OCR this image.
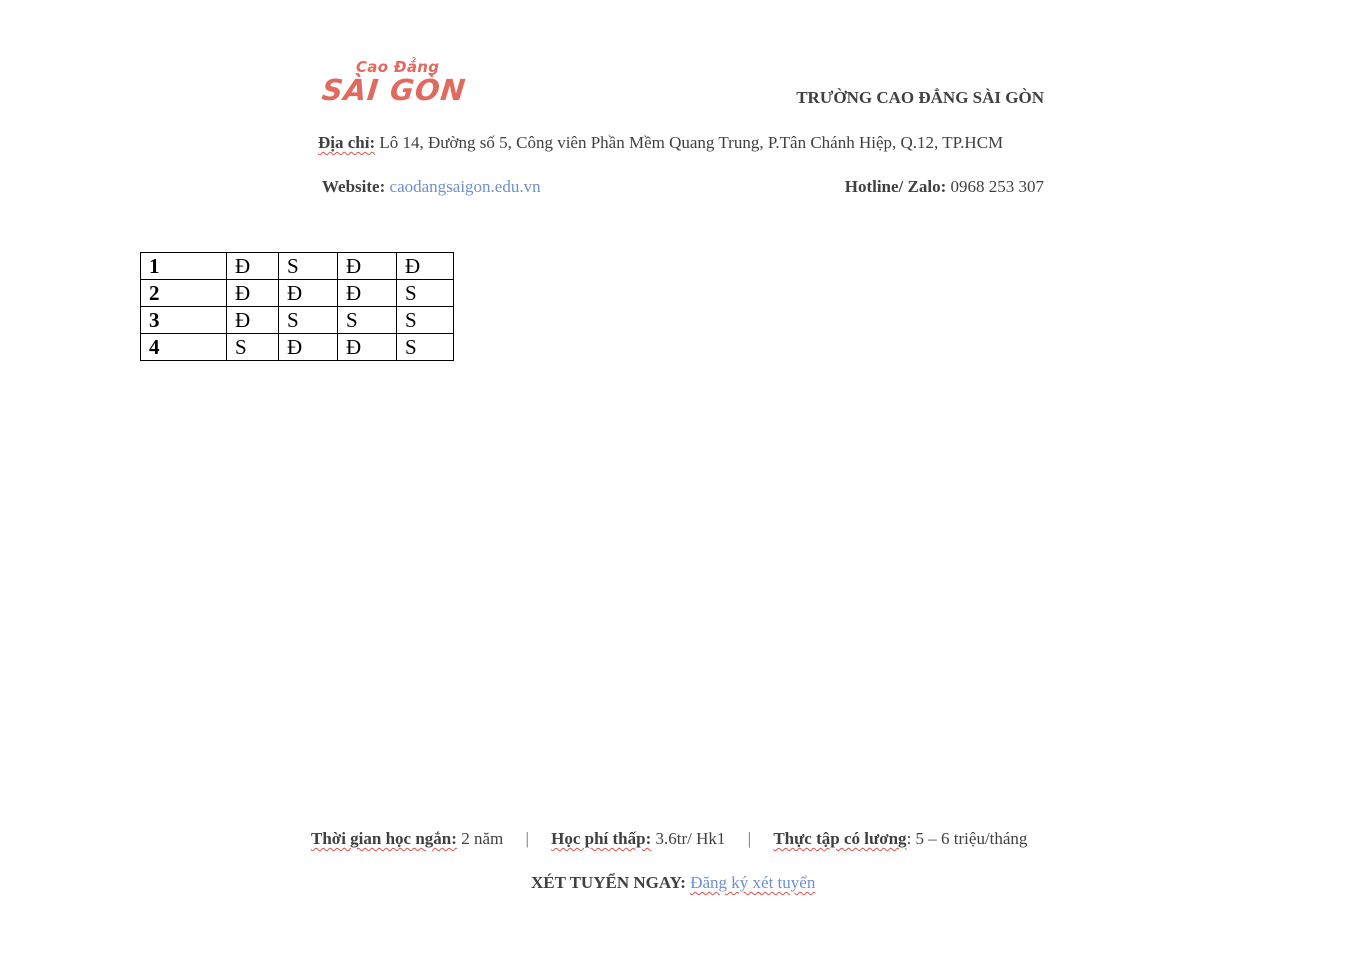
Cao Đẳng
SÀI GÒN	TRƯỜNG CAO ĐẲNG SÀI GÒN
Địa chỉ: Lô 14, Đường số 5, Công viên Phần Mềm Quang Trung, P.Tân Chánh Hiệp, Q.12, TP.HCM
Website: caodangsaigon.edu.vn	Hotline/ Zalo: 0968 253 307
1	Đ	S	Đ	Đ
2	Đ	Đ	Đ	S
3	Đ	S	S	S
4	S	Đ	Đ	S
Thời gian học ngắn: 2 năm | Học phí thấp: 3.6tr/ Hk1 | Thực tập có lương: 5 – 6 triệu/tháng
XÉT TUYỂN NGAY: Đăng ký xét tuyển
